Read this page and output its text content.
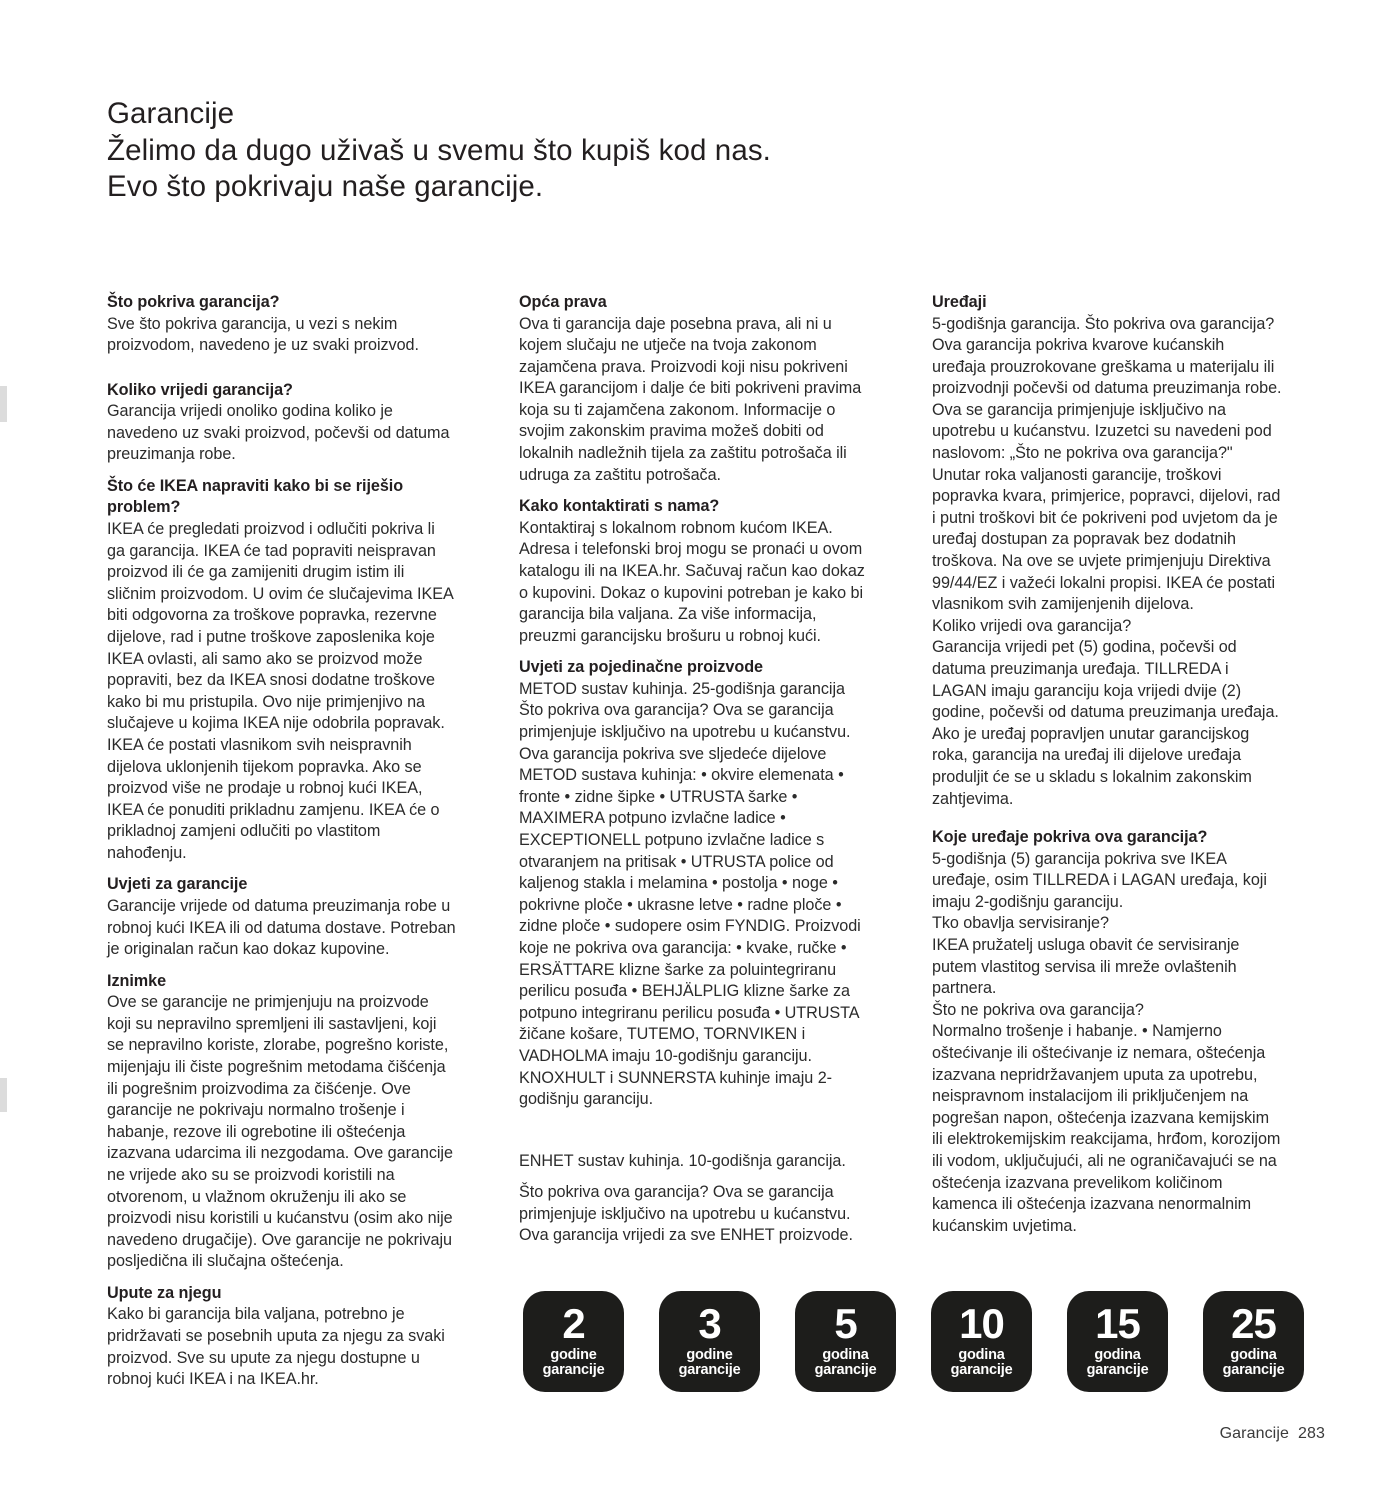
Garancije
Želimo da dugo uživaš u svemu što kupiš kod nas.
Evo što pokrivaju naše garancije.
Što pokriva garancija?

Sve što pokriva garancija, u vezi s nekim proizvodom, navedeno je uz svaki proizvod.

Koliko vrijedi garancija?

Garancija vrijedi onoliko godina koliko je navedeno uz svaki proizvod, počevši od datuma preuzimanja robe.

Što će IKEA napraviti kako bi se riješio problem?

IKEA će pregledati proizvod i odlučiti pokriva li ga garancija. IKEA će tad popraviti neispravan proizvod ili će ga zamijeniti drugim istim ili sličnim proizvodom. U ovim će slučajevima IKEA biti odgovorna za troškove popravka, rezervne dijelove, rad i putne troškove zaposlenika koje IKEA ovlasti, ali samo ako se proizvod može popraviti, bez da IKEA snosi dodatne troškove kako bi mu pristupila. Ovo nije primjenjivo na slučajeve u kojima IKEA nije odobrila popravak. IKEA će postati vlasnikom svih neispravnih dijelova uklonjenih tijekom popravka. Ako se proizvod više ne prodaje u robnoj kući IKEA, IKEA će ponuditi prikladnu zamjenu. IKEA će o prikladnoj zamjeni odlučiti po vlastitom nahođenju.

Uvjeti za garancije

Garancije vrijede od datuma preuzimanja robe u robnoj kući IKEA ili od datuma dostave. Potreban je originalan račun kao dokaz kupovine.

Iznimke

Ove se garancije ne primjenjuju na proizvode koji su nepravilno spremljeni ili sastavljeni, koji se nepravilno koriste, zlorabe, pogrešno koriste, mijenjaju ili čiste pogrešnim metodama čišćenja ili pogrešnim proizvodima za čišćenje. Ove garancije ne pokrivaju normalno trošenje i habanje, rezove ili ogrebotine ili oštećenja izazvana udarcima ili nezgodama. Ove garancije ne vrijede ako su se proizvodi koristili na otvorenom, u vlažnom okruženju ili ako se proizvodi nisu koristili u kućanstvu (osim ako nije navedeno drugačije). Ove garancije ne pokrivaju posljedična ili slučajna oštećenja.

Upute za njegu

Kako bi garancija bila valjana, potrebno je pridržavati se posebnih uputa za njegu za svaki proizvod. Sve su upute za njegu dostupne u robnoj kući IKEA i na IKEA.hr.

Opća prava

Ova ti garancija daje posebna prava, ali ni u kojem slučaju ne utječe na tvoja zakonom zajamčena prava. Proizvodi koji nisu pokriveni IKEA garancijom i dalje će biti pokriveni pravima koja su ti zajamčena zakonom. Informacije o svojim zakonskim pravima možeš dobiti od lokalnih nadležnih tijela za zaštitu potrošača ili udruga za zaštitu potrošača.

Kako kontaktirati s nama?

Kontaktiraj s lokalnom robnom kućom IKEA. Adresa i telefonski broj mogu se pronaći u ovom katalogu ili na IKEA.hr. Sačuvaj račun kao dokaz o kupovini. Dokaz o kupovini potreban je kako bi garancija bila valjana. Za više informacija, preuzmi garancijsku brošuru u robnoj kući.

Uvjeti za pojedinačne proizvode

METOD sustav kuhinja. 25-godišnja garancija Što pokriva ova garancija? Ova se garancija primjenjuje isključivo na upotrebu u kućanstvu. Ova garancija pokriva sve sljedeće dijelove METOD sustava kuhinja: • okvire elemenata • fronte • zidne šipke • UTRUSTA šarke • MAXIMERA potpuno izvlačne ladice • EXCEPTIONELL potpuno izvlačne ladice s otvaranjem na pritisak • UTRUSTA police od kaljenog stakla i melamina • postolja • noge • pokrivne ploče • ukrasne letve • radne ploče • zidne ploče • sudopere osim FYNDIG. Proizvodi koje ne pokriva ova garancija: • kvake, ručke • ERSÄTTARE klizne šarke za poluintegriranu perilicu posuđa • BEHJÄLPLIG klizne šarke za potpuno integriranu perilicu posuđa • UTRUSTA žičane košare, TUTEMO, TORNVIKEN i VADHOLMA imaju 10-godišnju garanciju. KNOXHULT i SUNNERSTA kuhinje imaju 2-godišnju garanciju.

ENHET sustav kuhinja. 10-godišnja garancija.

Što pokriva ova garancija? Ova se garancija primjenjuje isključivo na upotrebu u kućanstvu. Ova garancija vrijedi za sve ENHET proizvode.

Uređaji

5-godišnja garancija. Što pokriva ova garancija? Ova garancija pokriva kvarove kućanskih uređaja prouzrokovane greškama u materijalu ili proizvodnji počevši od datuma preuzimanja robe. Ova se garancija primjenjuje isključivo na upotrebu u kućanstvu. Izuzetci su navedeni pod naslovom: „Što ne pokriva ova garancija?" Unutar roka valjanosti garancije, troškovi popravka kvara, primjerice, popravci, dijelovi, rad i putni troškovi bit će pokriveni pod uvjetom da je uređaj dostupan za popravak bez dodatnih troškova. Na ove se uvjete primjenjuju Direktiva 99/44/EZ i važeći lokalni propisi. IKEA će postati vlasnikom svih zamijenjenih dijelova.

Koliko vrijedi ova garancija?

Garancija vrijedi pet (5) godina, počevši od datuma preuzimanja uređaja. TILLREDA i LAGAN imaju garanciju koja vrijedi dvije (2) godine, počevši od datuma preuzimanja uređaja. Ako je uređaj popravljen unutar garancijskog roka, garancija na uređaj ili dijelove uređaja produljit će se u skladu s lokalnim zakonskim zahtjevima.

Koje uređaje pokriva ova garancija?

5-godišnja (5) garancija pokriva sve IKEA uređaje, osim TILLREDA i LAGAN uređaja, koji imaju 2-godišnju garanciju.

Tko obavlja servisiranje?

IKEA pružatelj usluga obavit će servisiranje putem vlastitog servisa ili mreže ovlaštenih partnera.

Što ne pokriva ova garancija?

Normalno trošenje i habanje. • Namjerno oštećivanje ili oštećivanje iz nemara, oštećenja izazvana nepridržavanjem uputa za upotrebu, neispravnom instalacijom ili priključenjem na pogrešan napon, oštećenja izazvana kemijskim ili elektrokemijskim reakcijama, hrđom, korozijom ili vodom, uključujući, ali ne ograničavajući se na oštećenja izazvana prevelikom količinom kamenca ili oštećenja izazvana nenormalnim kućanskim uvjetima.

2
godine
garancije
3
godine
garancije
5
godina
garancije
10
godina
garancije
15
godina
garancije
25
godina
garancije
Garancije 283
